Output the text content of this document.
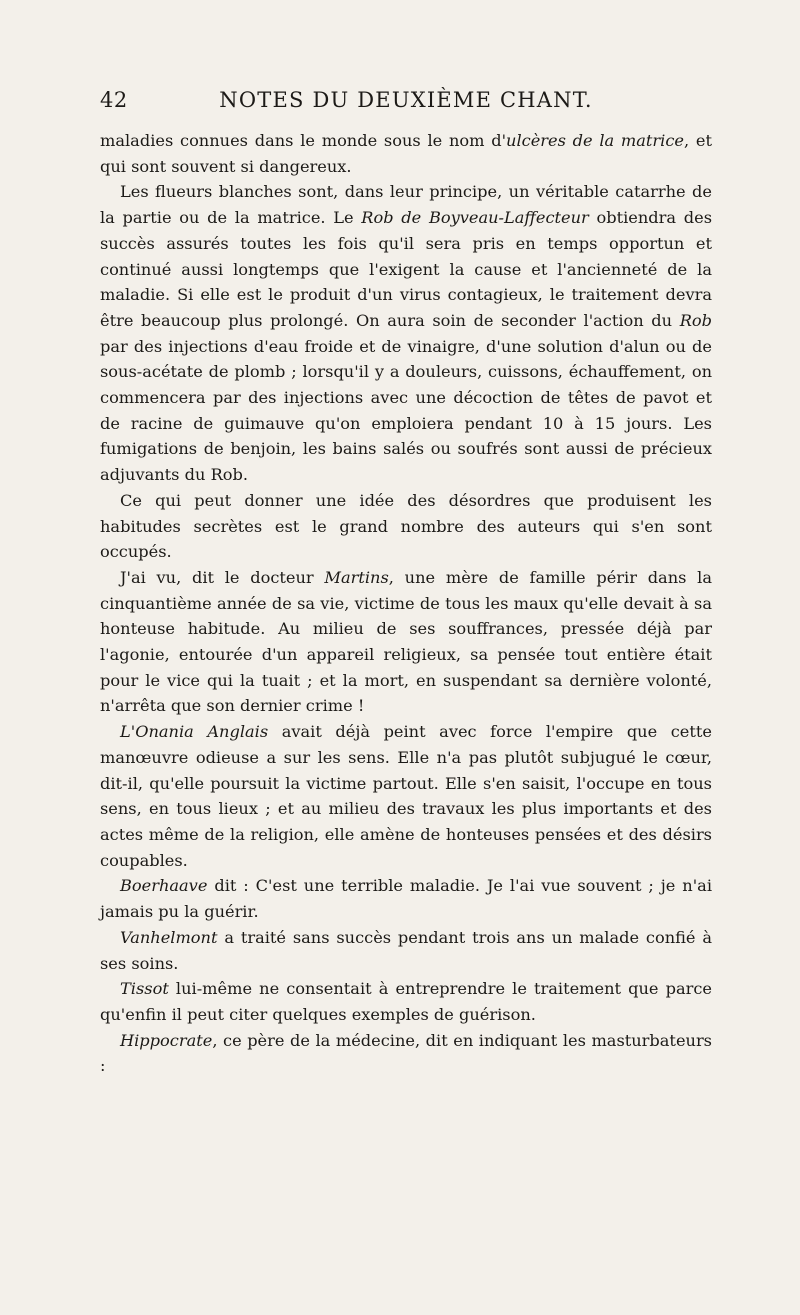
42	NOTES DU DEUXIÈME CHANT.

maladies connues dans le monde sous le nom d'ulcères de la matrice, et qui sont souvent si dangereux.

Les flueurs blanches sont, dans leur principe, un véritable catarrhe de la partie ou de la matrice. Le Rob de Boyveau-Laffecteur obtiendra des succès assurés toutes les fois qu'il sera pris en temps opportun et continué aussi longtemps que l'exigent la cause et l'ancienneté de la maladie. Si elle est le produit d'un virus contagieux, le traitement devra être beaucoup plus prolongé. On aura soin de seconder l'action du Rob par des injections d'eau froide et de vinaigre, d'une solution d'alun ou de sous-acétate de plomb ; lorsqu'il y a douleurs, cuissons, échauffement, on commencera par des injections avec une décoction de têtes de pavot et de racine de guimauve qu'on emploiera pendant 10 à 15 jours. Les fumigations de benjoin, les bains salés ou soufrés sont aussi de précieux adjuvants du Rob.

Ce qui peut donner une idée des désordres que produisent les habitudes secrètes est le grand nombre des auteurs qui s'en sont occupés.

J'ai vu, dit le docteur Martins, une mère de famille périr dans la cinquantième année de sa vie, victime de tous les maux qu'elle devait à sa honteuse habitude. Au milieu de ses souffrances, pressée déjà par l'agonie, entourée d'un appareil religieux, sa pensée tout entière était pour le vice qui la tuait ; et la mort, en suspendant sa dernière volonté, n'arrêta que son dernier crime !

L'Onania Anglais avait déjà peint avec force l'empire que cette manœuvre odieuse a sur les sens. Elle n'a pas plutôt subjugué le cœur, dit-il, qu'elle poursuit la victime partout. Elle s'en saisit, l'occupe en tous sens, en tous lieux ; et au milieu des travaux les plus importants et des actes même de la religion, elle amène de honteuses pensées et des désirs coupables.

Boerhaave dit : C'est une terrible maladie. Je l'ai vue souvent ; je n'ai jamais pu la guérir.

Vanhelmont a traité sans succès pendant trois ans un malade confié à ses soins.

Tissot lui-même ne consentait à entreprendre le traitement que parce qu'enfin il peut citer quelques exemples de guérison.

Hippocrate, ce père de la médecine, dit en indiquant les masturbateurs :
